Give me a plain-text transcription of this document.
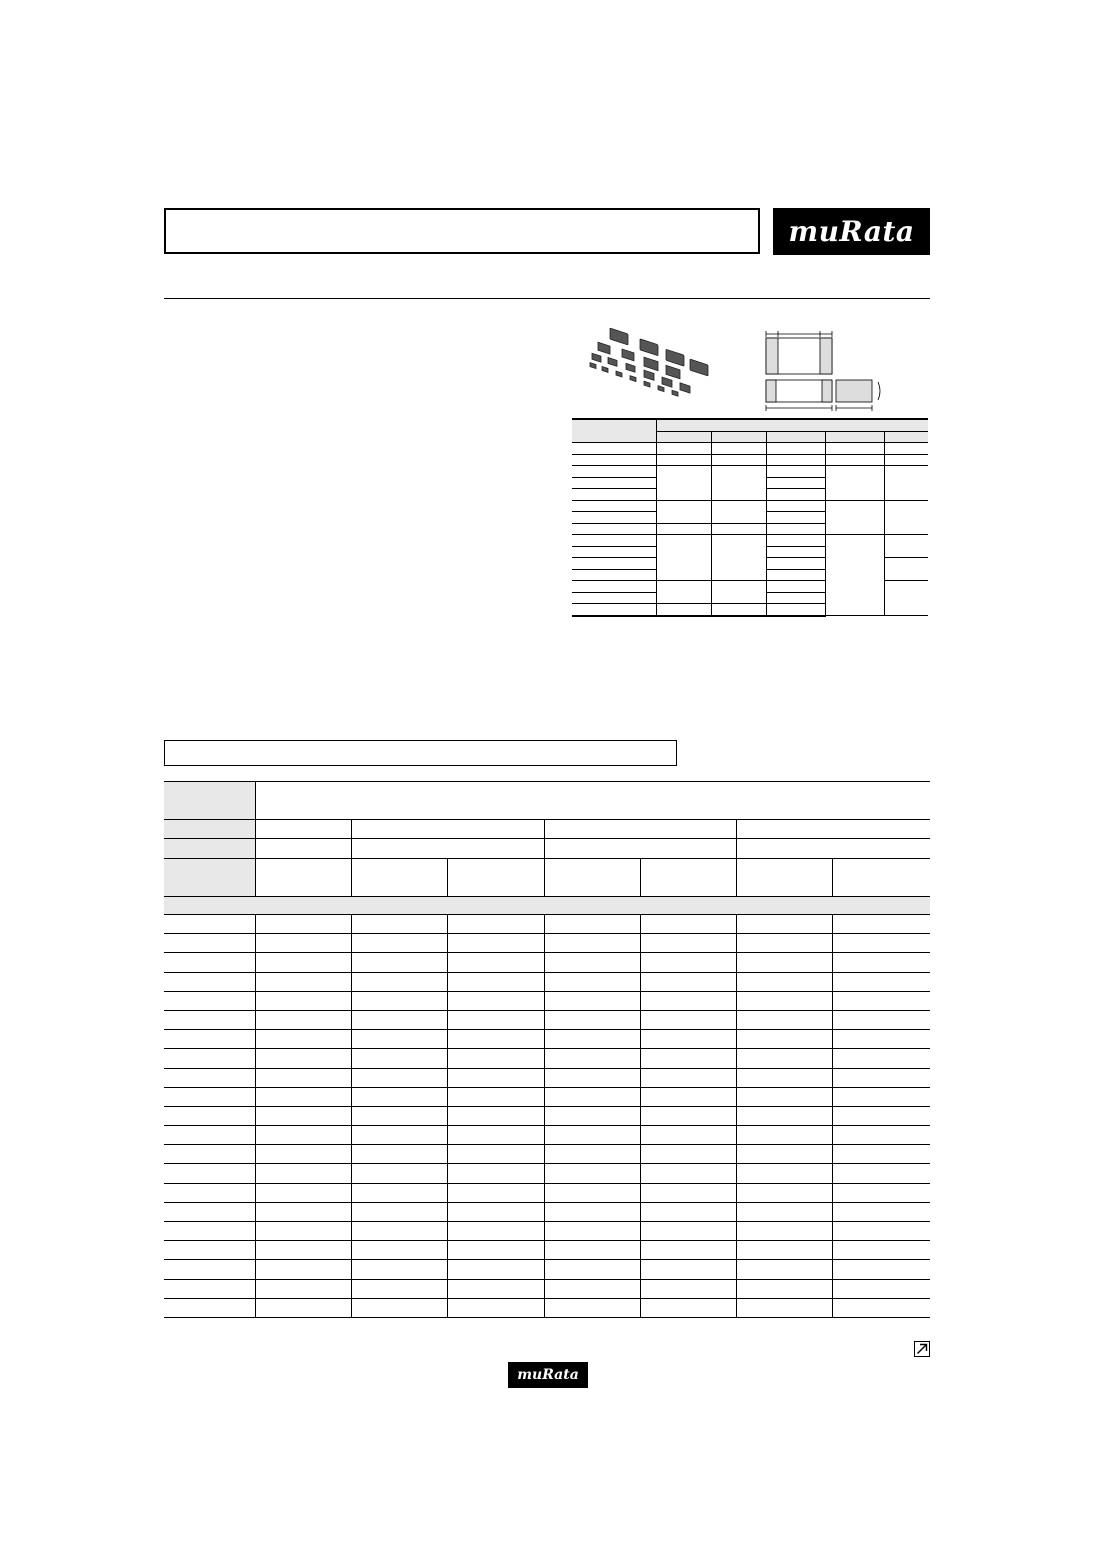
muRata

muRata
